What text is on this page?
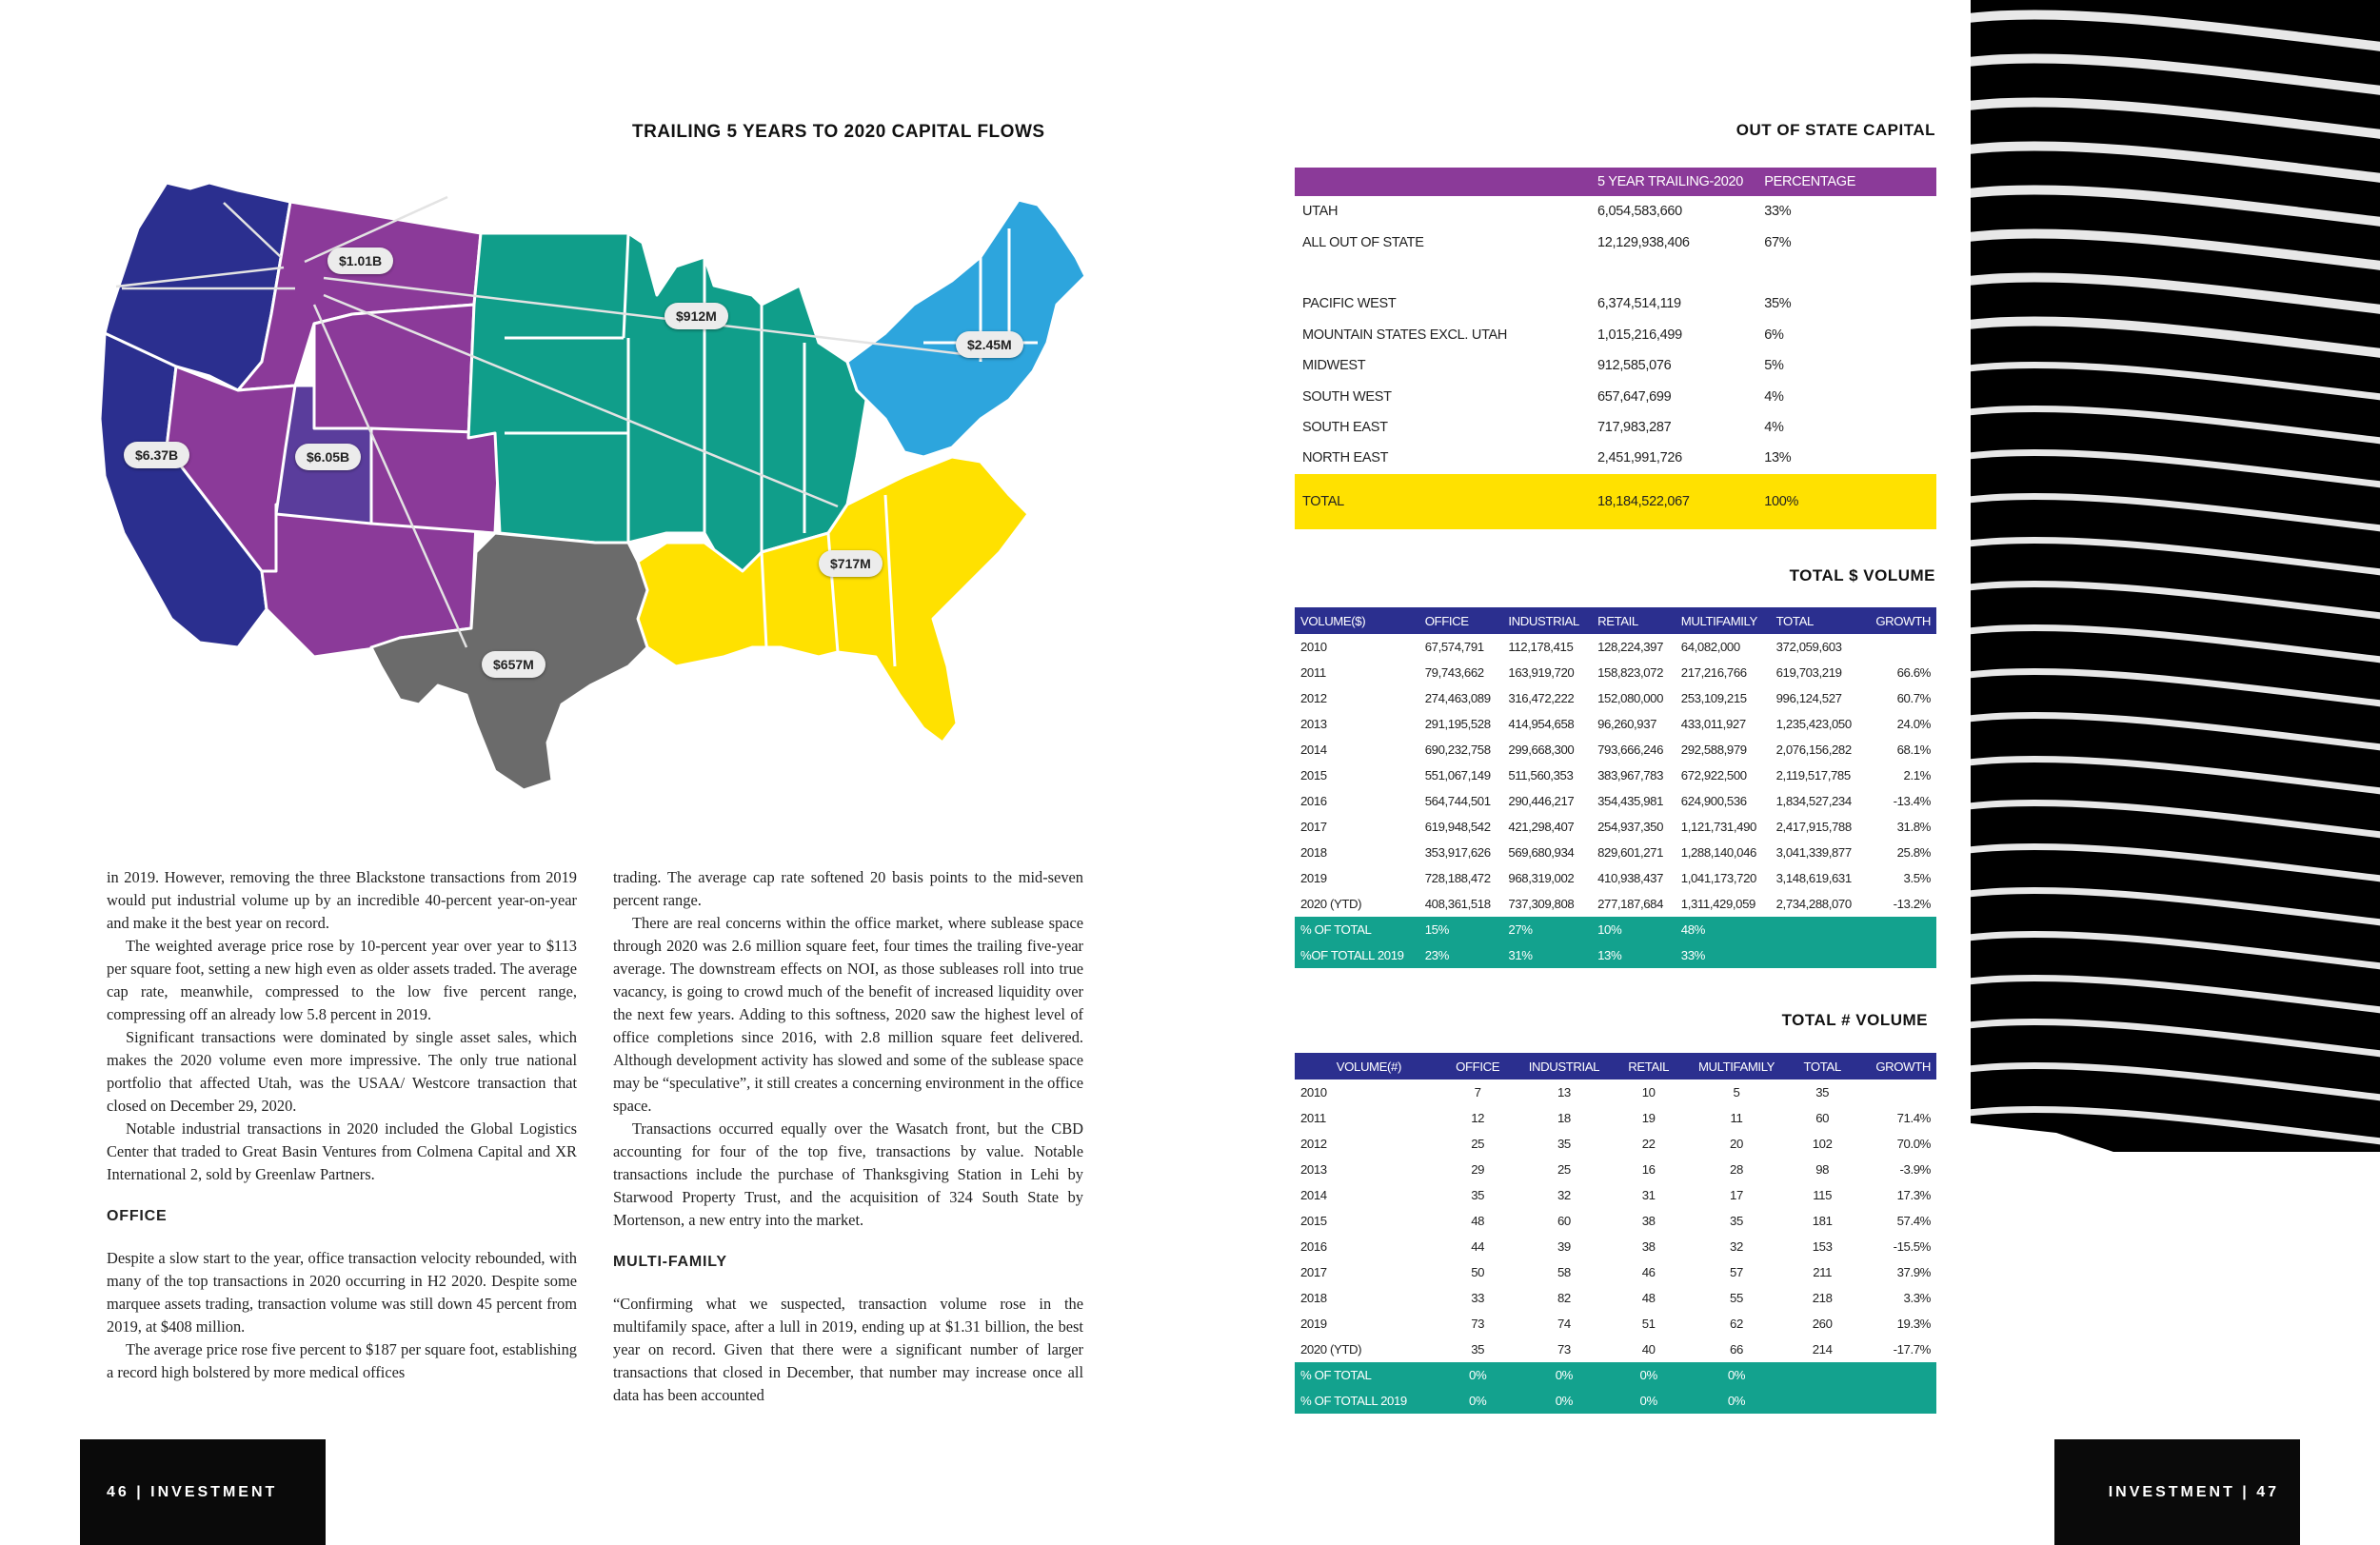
TRAILING 5 YEARS TO 2020 CAPITAL FLOWS
$1.01B
$912M
$2.45M
$6.37B	$6.05B
$717M
$657M

in 2019. However, removing the three Blackstone transactions from 2019 would put industrial volume up by an incredible 40-percent year-on-year and make it the best year on record.

The weighted average price rose by 10-percent year over year to $113 per square foot, setting a new high even as older assets traded. The average cap rate, meanwhile, compressed to the low five percent range, compressing off an already low 5.8 percent in 2019.

Significant transactions were dominated by single asset sales, which makes the 2020 volume even more impressive. The only true national portfolio that affected Utah, was the USAA/ Westcore transaction that closed on December 29, 2020.

Notable industrial transactions in 2020 included the Global Logistics Center that traded to Great Basin Ventures from Colmena Capital and XR International 2, sold by Greenlaw Partners.

OFFICE

Despite a slow start to the year, office transaction velocity rebounded, with many of the top transactions in 2020 occurring in H2 2020. Despite some marquee assets trading, transaction volume was still down 45 percent from 2019, at $408 million.

The average price rose five percent to $187 per square foot, establishing a record high bolstered by more medical offices

trading. The average cap rate softened 20 basis points to the mid-seven percent range.

There are real concerns within the office market, where sublease space through 2020 was 2.6 million square feet, four times the trailing five-year average. The downstream effects on NOI, as those subleases roll into true vacancy, is going to crowd much of the benefit of increased liquidity over the next few years. Adding to this softness, 2020 saw the highest level of office completions since 2016, with 2.8 million square feet delivered. Although development activity has slowed and some of the sublease space may be “speculative”, it still creates a concerning environment in the office space.

Transactions occurred equally over the Wasatch front, but the CBD accounting for four of the top five, transactions by value. Notable transactions include the purchase of Thanksgiving Station in Lehi by Starwood Property Trust, and the acquisition of 324 South State by Mortenson, a new entry into the market.

MULTI-FAMILY

“Confirming what we suspected, transaction volume rose in the multifamily space, after a lull in 2019, ending up at $1.31 billion, the best year on record. Given that there were a significant number of larger transactions that closed in December, that number may increase once all data has been accounted

46 | INVESTMENT
OUT OF STATE CAPITAL
	5 YEAR TRAILING-2020	PERCENTAGE
UTAH	6,054,583,660	33%
ALL OUT OF STATE	12,129,938,406	67%

PACIFIC WEST	6,374,514,119	35%
MOUNTAIN STATES EXCL. UTAH	1,015,216,499	6%
MIDWEST	912,585,076	5%
SOUTH WEST	657,647,699	4%
SOUTH EAST	717,983,287	4%
NORTH EAST	2,451,991,726	13%
TOTAL	18,184,522,067	100%
TOTAL $ VOLUME
VOLUME($)	OFFICE	INDUSTRIAL	RETAIL	MULTIFAMILY	TOTAL	GROWTH
2010	67,574,791	112,178,415	128,224,397	64,082,000	372,059,603	
2011	79,743,662	163,919,720	158,823,072	217,216,766	619,703,219	66.6%
2012	274,463,089	316,472,222	152,080,000	253,109,215	996,124,527	60.7%
2013	291,195,528	414,954,658	96,260,937	433,011,927	1,235,423,050	24.0%
2014	690,232,758	299,668,300	793,666,246	292,588,979	2,076,156,282	68.1%
2015	551,067,149	511,560,353	383,967,783	672,922,500	2,119,517,785	2.1%
2016	564,744,501	290,446,217	354,435,981	624,900,536	1,834,527,234	-13.4%
2017	619,948,542	421,298,407	254,937,350	1,121,731,490	2,417,915,788	31.8%
2018	353,917,626	569,680,934	829,601,271	1,288,140,046	3,041,339,877	25.8%
2019	728,188,472	968,319,002	410,938,437	1,041,173,720	3,148,619,631	3.5%
2020 (YTD)	408,361,518	737,309,808	277,187,684	1,311,429,059	2,734,288,070	-13.2%
% OF TOTAL	15%	27%	10%	48%		
%OF TOTALL 2019	23%	31%	13%	33%		
TOTAL # VOLUME
VOLUME(#)	OFFICE	INDUSTRIAL	RETAIL	MULTIFAMILY	TOTAL	GROWTH
2010	7	13	10	5	35	
2011	12	18	19	11	60	71.4%
2012	25	35	22	20	102	70.0%
2013	29	25	16	28	98	-3.9%
2014	35	32	31	17	115	17.3%
2015	48	60	38	35	181	57.4%
2016	44	39	38	32	153	-15.5%
2017	50	58	46	57	211	37.9%
2018	33	82	48	55	218	3.3%
2019	73	74	51	62	260	19.3%
2020 (YTD)	35	73	40	66	214	-17.7%
% OF TOTAL	0%	0%	0%	0%		
% OF TOTALL 2019	0%	0%	0%	0%		
INVESTMENT | 47
